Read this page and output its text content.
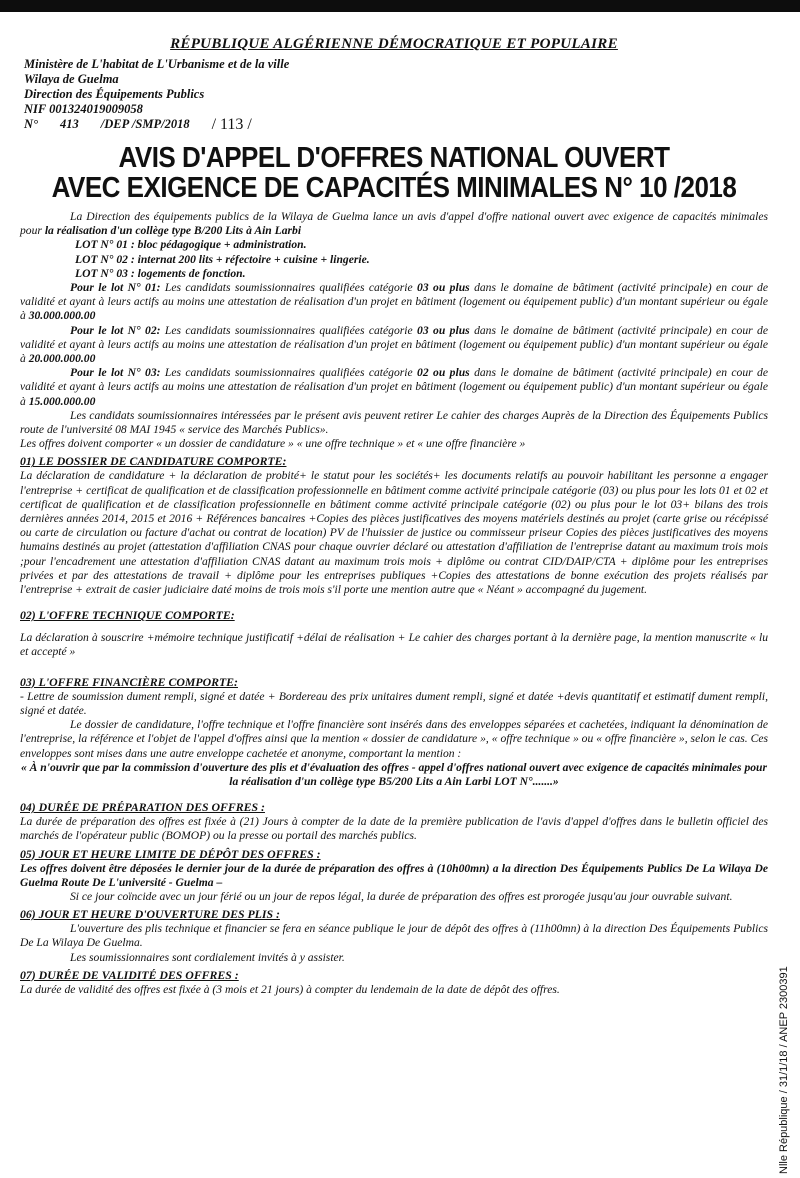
RÉPUBLIQUE ALGÉRIENNE DÉMOCRATIQUE ET POPULAIRE
Ministère de L'habitat de L'Urbanisme et de la ville
Wilaya de Guelma
Direction des Équipements Publics
NIF 001324019009058
N° 413 /DEP /SMP/2018 / 113 /
AVIS D'APPEL D'OFFRES NATIONAL OUVERT
AVEC EXIGENCE DE CAPACITÉS MINIMALES N° 10 /2018

La Direction des équipements publics de la Wilaya de Guelma lance un avis d'appel d'offre national ouvert avec exigence de capacités minimales pour la réalisation d'un collège type B/200 Lits à Ain Larbi

LOT N° 01 : bloc pédagogique + administration.
LOT N° 02 : internat 200 lits + réfectoire + cuisine + lingerie.
LOT N° 03 : logements de fonction.

Pour le lot N° 01: Les candidats soumissionnaires qualifiées catégorie 03 ou plus dans le domaine de bâtiment (activité principale) en cour de validité et ayant à leurs actifs au moins une attestation de réalisation d'un projet en bâtiment (logement ou équipement public) d'un montant supérieur ou égale à 30.000.000.00

Pour le lot N° 02: Les candidats soumissionnaires qualifiées catégorie 03 ou plus dans le domaine de bâtiment (activité principale) en cour de validité et ayant à leurs actifs au moins une attestation de réalisation d'un projet en bâtiment (logement ou équipement public) d'un montant supérieur ou égale à 20.000.000.00

Pour le lot N° 03: Les candidats soumissionnaires qualifiées catégorie 02 ou plus dans le domaine de bâtiment (activité principale) en cour de validité et ayant à leurs actifs au moins une attestation de réalisation d'un projet en bâtiment (logement ou équipement public) d'un montant supérieur ou égale à 15.000.000.00

Les candidats soumissionnaires intéressées par le présent avis peuvent retirer Le cahier des charges Auprès de la Direction des Équipements Publics route de l'université 08 MAI 1945 « service des Marchés Publics».

Les offres doivent comporter « un dossier de candidature » « une offre technique » et « une offre financière »

01) LE DOSSIER DE CANDIDATURE COMPORTE:

La déclaration de candidature + la déclaration de probité+ le statut pour les sociétés+ les documents relatifs au pouvoir habilitant les personne a engager l'entreprise + certificat de qualification et de classification professionnelle en bâtiment comme activité principale catégorie (03) ou plus pour les lots 01 et 02 et certificat de qualification et de classification professionnelle en bâtiment comme activité principale catégorie (02) ou plus pour le lot 03+ bilans des trois dernières années 2014, 2015 et 2016 + Références bancaires +Copies des pièces justificatives des moyens matériels destinés au projet (carte grise ou récépissé ou carte de circulation ou facture d'achat ou contrat de location) PV de l'huissier de justice ou commisseur priseur Copies des pièces justificatives des moyens humains destinés au projet (attestation d'affiliation CNAS pour chaque ouvrier déclaré ou attestation d'affiliation de l'entreprise datant au maximum trois mois ;pour l'encadrement une attestation d'affiliation CNAS datant au maximum trois mois + diplôme ou contrat CID/DAIP/CTA + diplôme pour les entreprises privées et par des attestations de travail + diplôme pour les entreprises publiques +Copies des attestations de bonne exécution des projets réalisés par l'entreprise + extrait de casier judiciaire daté moins de trois mois s'il porte une mention autre que « Néant » accompagné du jugement.

02) L'OFFRE TECHNIQUE COMPORTE:

La déclaration à souscrire +mémoire technique justificatif +délai de réalisation + Le cahier des charges portant à la dernière page, la mention manuscrite « lu et accepté »

03) L'OFFRE FINANCIÈRE COMPORTE:

- Lettre de soumission dument rempli, signé et datée + Bordereau des prix unitaires dument rempli, signé et datée +devis quantitatif et estimatif dument rempli, signé et datée.

Le dossier de candidature, l'offre technique et l'offre financière sont insérés dans des enveloppes séparées et cachetées, indiquant la dénomination de l'entreprise, la référence et l'objet de l'appel d'offres ainsi que la mention « dossier de candidature », « offre technique » ou « offre financière », selon le cas. Ces enveloppes sont mises dans une autre enveloppe cachetée et anonyme, comportant la mention :

« À n'ouvrir que par la commission d'ouverture des plis et d'évaluation des offres - appel d'offres national ouvert avec exigence de capacités minimales pour la réalisation d'un collège type B5/200 Lits a Ain Larbi LOT N°.......»

04) DURÉE DE PRÉPARATION DES OFFRES :

La durée de préparation des offres est fixée à (21) Jours à compter de la date de la première publication de l'avis d'appel d'offres dans le bulletin officiel des marchés de l'opérateur public (BOMOP) ou la presse ou portail des marchés publics.

05) JOUR ET HEURE LIMITE DE DÉPÔT DES OFFRES :

Les offres doivent être déposées le dernier jour de la durée de préparation des offres à (10h00mn) a la direction Des Équipements Publics De La Wilaya De Guelma Route De L'université - Guelma –

Si ce jour coïncide avec un jour férié ou un jour de repos légal, la durée de préparation des offres est prorogée jusqu'au jour ouvrable suivant.

06) JOUR ET HEURE D'OUVERTURE DES PLIS :

L'ouverture des plis technique et financier se fera en séance publique le jour de dépôt des offres à (11h00mn) à la direction Des Équipements Publics De La Wilaya De Guelma.

Les soumissionnaires sont cordialement invités à y assister.

07) DURÉE DE VALIDITÉ DES OFFRES :

La durée de validité des offres est fixée à (3 mois et 21 jours) à compter du lendemain de la date de dépôt des offres.	Nlle République / 31/1/18 / ANEP 2300391
